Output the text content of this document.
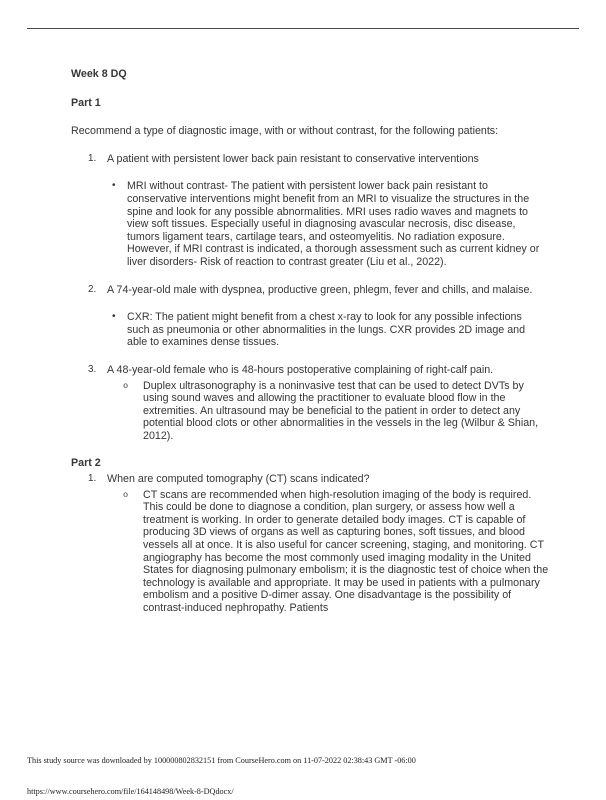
Week 8 DQ
Part 1
Recommend a type of diagnostic image, with or without contrast, for the following patients:
1.	A patient with persistent lower back pain resistant to conservative interventions
•	MRI without contrast- The patient with persistent lower back pain resistant to conservative interventions might benefit from an MRI to visualize the structures in the spine and look for any possible abnormalities. MRI uses radio waves and magnets to view soft tissues. Especially useful in diagnosing avascular necrosis, disc disease, tumors ligament tears, cartilage tears, and osteomyelitis. No radiation exposure. However, if MRI contrast is indicated, a thorough assessment such as current kidney or liver disorders- Risk of reaction to contrast greater (Liu et al., 2022).
2.	A 74-year-old male with dyspnea, productive green, phlegm, fever and chills, and malaise.
•	CXR: The patient might benefit from a chest x-ray to look for any possible infections such as pneumonia or other abnormalities in the lungs. CXR provides 2D image and able to examines dense tissues.
3.	A 48-year-old female who is 48-hours postoperative complaining of right-calf pain.
o	Duplex ultrasonography is a noninvasive test that can be used to detect DVTs by using sound waves and allowing the practitioner to evaluate blood flow in the extremities. An ultrasound may be beneficial to the patient in order to detect any potential blood clots or other abnormalities in the vessels in the leg (Wilbur & Shian, 2012).
Part 2
1.	When are computed tomography (CT) scans indicated?
o	CT scans are recommended when high-resolution imaging of the body is required. This could be done to diagnose a condition, plan surgery, or assess how well a treatment is working. In order to generate detailed body images. CT is capable of producing 3D views of organs as well as capturing bones, soft tissues, and blood vessels all at once. It is also useful for cancer screening, staging, and monitoring. CT angiography has become the most commonly used imaging modality in the United States for diagnosing pulmonary embolism; it is the diagnostic test of choice when the technology is available and appropriate. It may be used in patients with a pulmonary embolism and a positive D-dimer assay. One disadvantage is the possibility of contrast-induced nephropathy. Patients
This study source was downloaded by 100000802832151 from CourseHero.com on 11-07-2022 02:38:43 GMT -06:00
https://www.coursehero.com/file/164148498/Week-8-DQdocx/
